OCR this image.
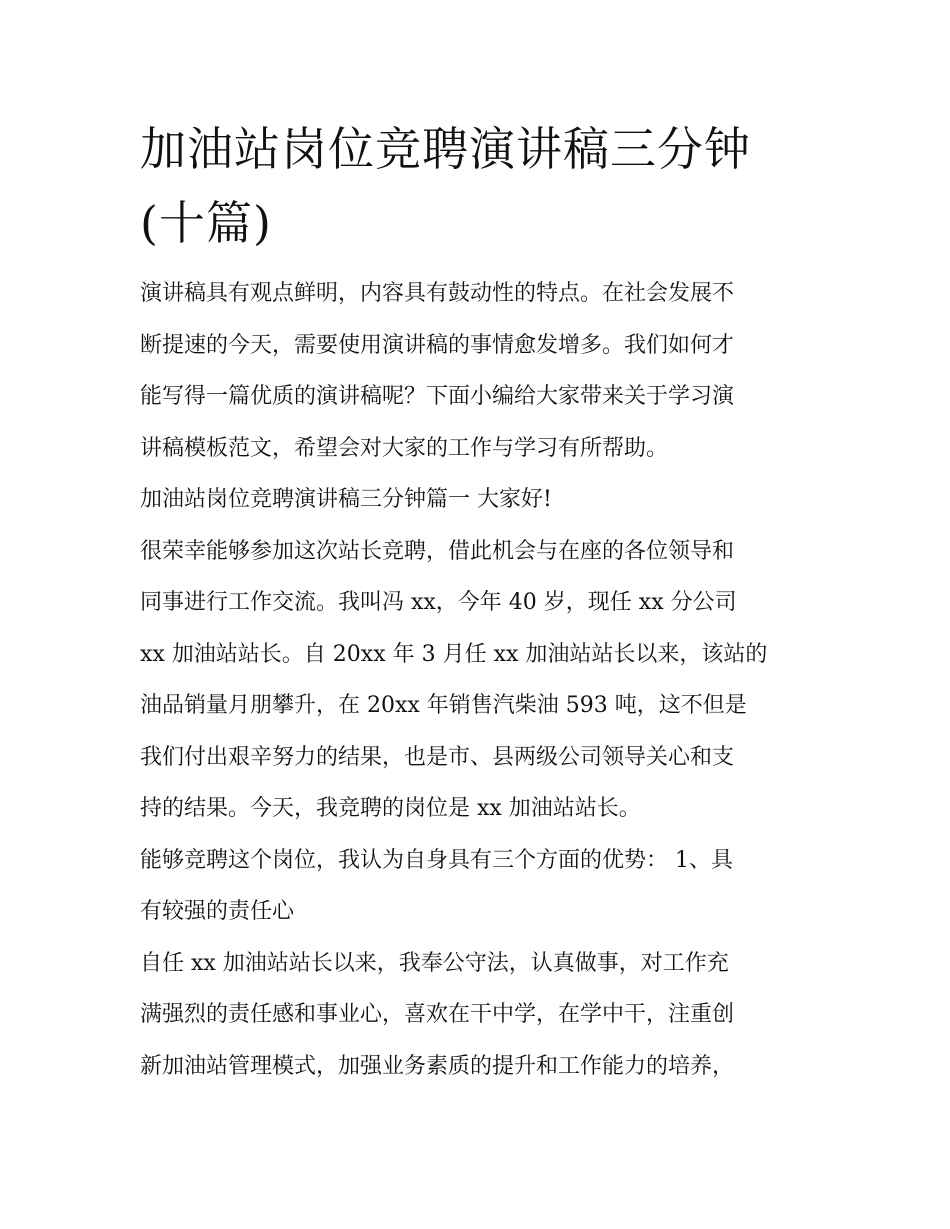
加油站岗位竞聘演讲稿三分钟
(十篇)

演讲稿具有观点鲜明，内容具有鼓动性的特点。在社会发展不
断提速的今天，需要使用演讲稿的事情愈发增多。我们如何才
能写得一篇优质的演讲稿呢？下面小编给大家带来关于学习演
讲稿模板范文，希望会对大家的工作与学习有所帮助。

加油站岗位竞聘演讲稿三分钟篇一 大家好!

很荣幸能够参加这次站长竞聘，借此机会与在座的各位领导和
同事进行工作交流。我叫冯 xx，今年 40 岁，现任 xx 分公司
xx 加油站站长。自 20xx 年 3 月任 xx 加油站站长以来，该站的
油品销量月朋攀升，在 20xx 年销售汽柴油 593 吨，这不但是
我们付出艰辛努力的结果，也是市、县两级公司领导关心和支
持的结果。今天，我竞聘的岗位是 xx 加油站站长。

能够竞聘这个岗位，我认为自身具有三个方面的优势： 1、具
有较强的责任心

自任 xx 加油站站长以来，我奉公守法，认真做事，对工作充
满强烈的责任感和事业心，喜欢在干中学，在学中干，注重创
新加油站管理模式，加强业务素质的提升和工作能力的培养，
